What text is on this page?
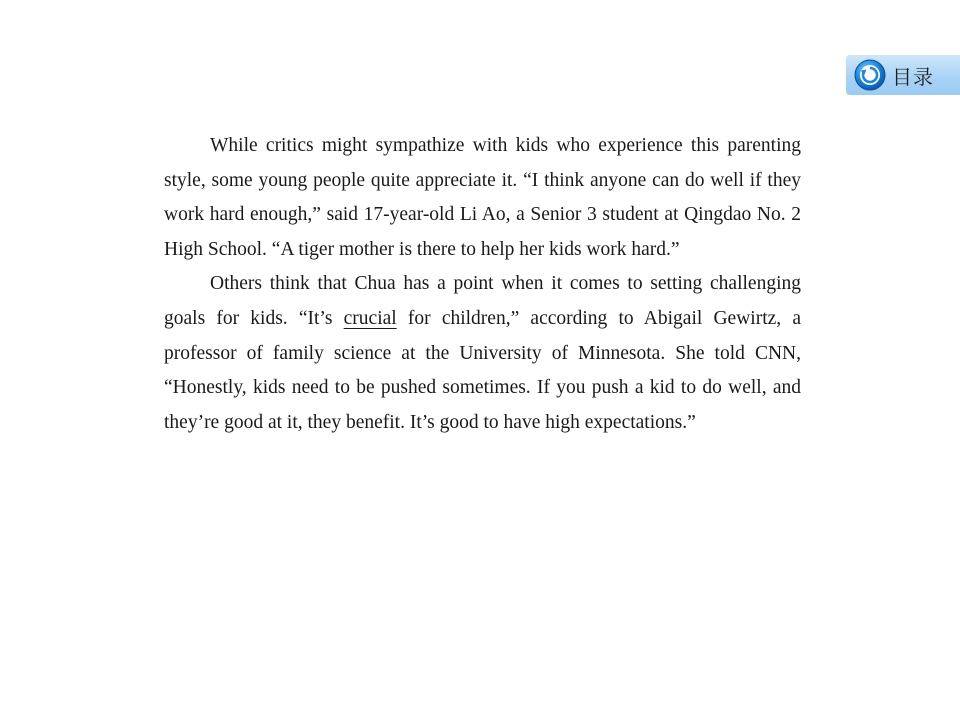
目录

While critics might sympathize with kids who experience this parenting style, some young people quite appreciate it. “I think anyone can do well if they work hard enough,” said 17-year-old Li Ao, a Senior 3 student at Qingdao No. 2 High School. “A tiger mother is there to help her kids work hard.”

Others think that Chua has a point when it comes to setting challenging goals for kids. “It’s crucial for children,” according to Abigail Gewirtz, a professor of family science at the University of Minnesota. She told CNN, “Honestly, kids need to be pushed sometimes. If you push a kid to do well, and they’re good at it, they benefit. It’s good to have high expectations.”
